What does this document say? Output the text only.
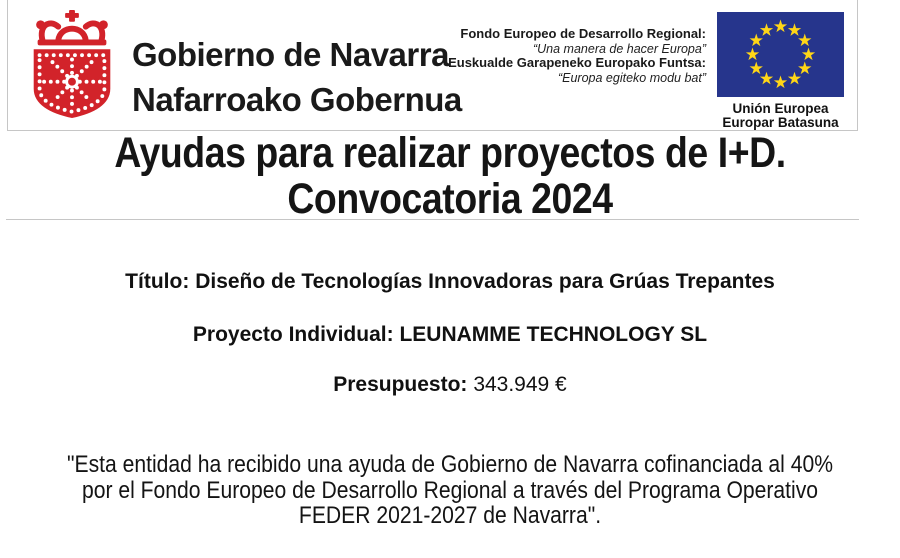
Gobierno de Navarra
Nafarroako Gobernua
Fondo Europeo de Desarrollo Regional:
“Una manera de hacer Europa”
Euskualde Garapeneko Europako Funtsa:
“Europa egiteko modu bat”
Unión Europea
Europar Batasuna
Ayudas para realizar proyectos de I+D.
Convocatoria 2024
Título: Diseño de Tecnologías Innovadoras para Grúas Trepantes
Proyecto Individual: LEUNAMME TECHNOLOGY SL
Presupuesto: 343.949 €
"Esta entidad ha recibido una ayuda de Gobierno de Navarra cofinanciada al 40%
por el Fondo Europeo de Desarrollo Regional a través del Programa Operativo
FEDER 2021-2027 de Navarra".
